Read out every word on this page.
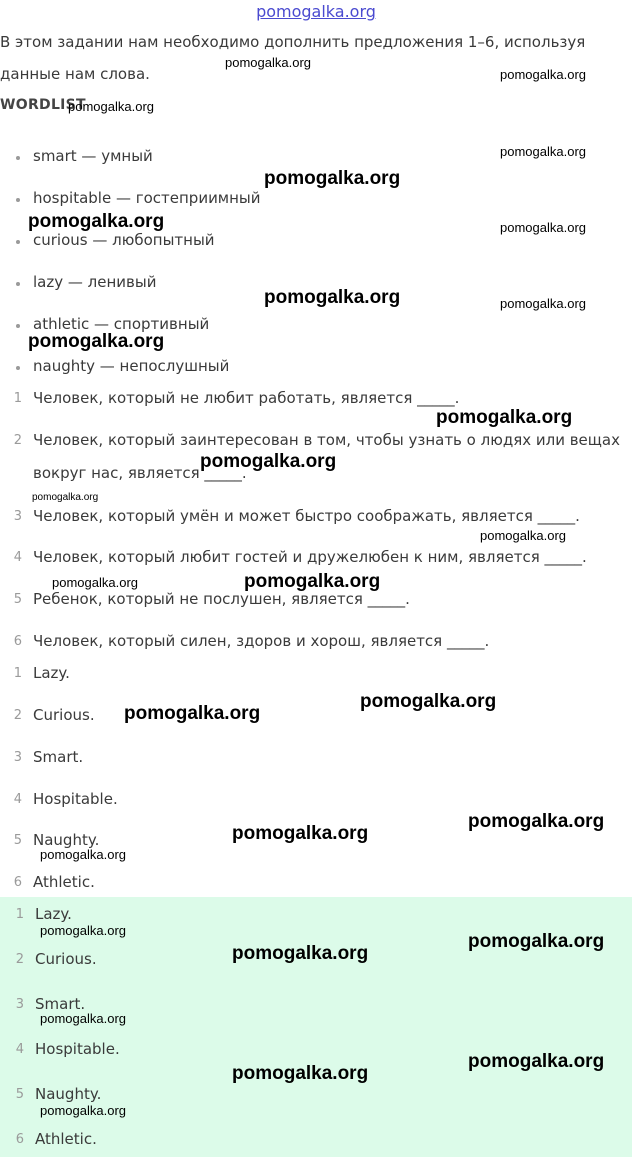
pomogalka.org
В этом задании нам необходимо дополнить предложения 1–6, используя
данные нам слова.
WORDLIST
smart — умный
hospitable — гостеприимный
curious — любопытный
lazy — ленивый
athletic — спортивный
naughty — непослушный
1 Человек, который не любит работать, является _____.
2 Человек, который заинтересован в том, чтобы узнать о людях или вещах
вокруг нас, является _____.
3 Человек, который умён и может быстро соображать, является _____.
4 Человек, который любит гостей и дружелюбен к ним, является _____.
5 Ребенок, который не послушен, является _____.
6 Человек, который силен, здоров и хорош, является _____.
1 Lazy.
2 Curious.
3 Smart.
4 Hospitable.
5 Naughty.
6 Athletic.
1 Lazy.
2 Curious.
3 Smart.
4 Hospitable.
5 Naughty.
6 Athletic.
pomogalka.org
pomogalka.org
pomogalka.org
pomogalka.org
pomogalka.org
pomogalka.org	pomogalka.org
pomogalka.org	pomogalka.org
pomogalka.org
pomogalka.org
pomogalka.org
pomogalka.org
pomogalka.org
pomogalka.org	pomogalka.org
pomogalka.org
pomogalka.org
pomogalka.org
pomogalka.org
pomogalka.org
pomogalka.org
pomogalka.org
pomogalka.org
pomogalka.org
pomogalka.org
pomogalka.org
pomogalka.org
